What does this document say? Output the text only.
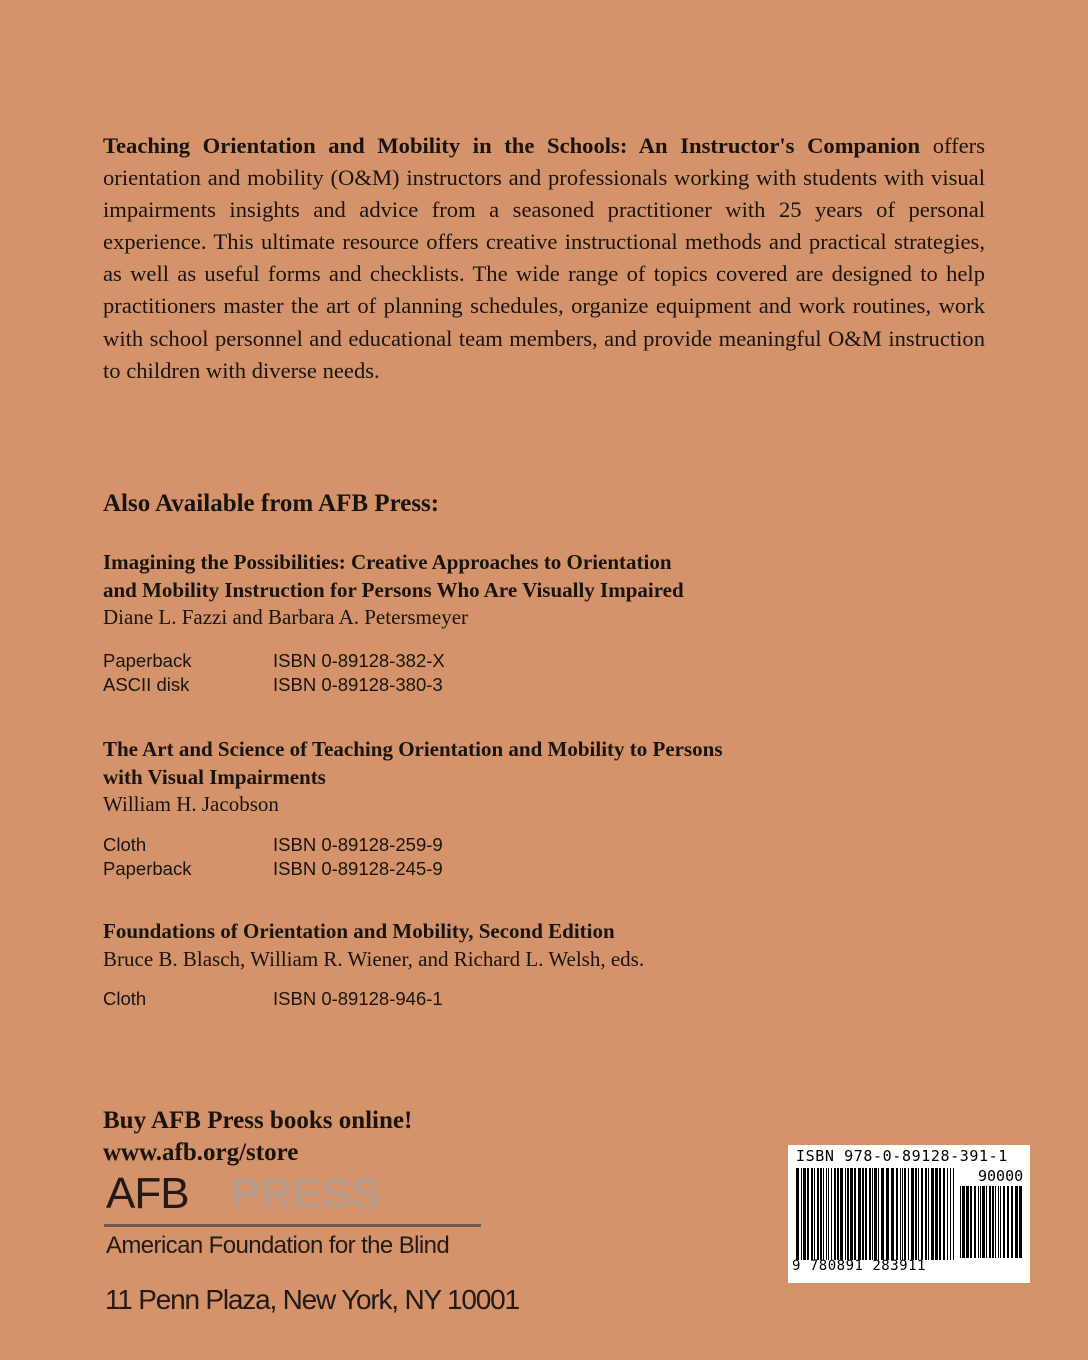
Teaching Orientation and Mobility in the Schools: An Instructor's Companion offers orientation and mobility (O&M) instructors and professionals working with students with visual impairments insights and advice from a seasoned practitioner with 25 years of personal experience. This ultimate resource offers creative instructional methods and practical strategies, as well as useful forms and checklists. The wide range of topics covered are designed to help practitioners master the art of planning schedules, organize equipment and work routines, work with school personnel and educational team members, and provide meaningful O&M instruction to children with diverse needs.

Also Available from AFB Press:

Imagining the Possibilities: Creative Approaches to Orientation
and Mobility Instruction for Persons Who Are Visually Impaired

Diane L. Fazzi and Barbara A. Petersmeyer

Paperback	ISBN 0-89128-382-X
ASCII disk	ISBN 0-89128-380-3

The Art and Science of Teaching Orientation and Mobility to Persons
with Visual Impairments

William H. Jacobson

Cloth	ISBN 0-89128-259-9
Paperback	ISBN 0-89128-245-9

Foundations of Orientation and Mobility, Second Edition

Bruce B. Blasch, William R. Wiener, and Richard L. Welsh, eds.

Cloth	ISBN 0-89128-946-1

Buy AFB Press books online!
www.afb.org/store

AFB PRESS
American Foundation for the Blind
11 Penn Plaza, New York, NY 10001
ISBN 978-0-89128-391-1
90000
9 780891 283911
